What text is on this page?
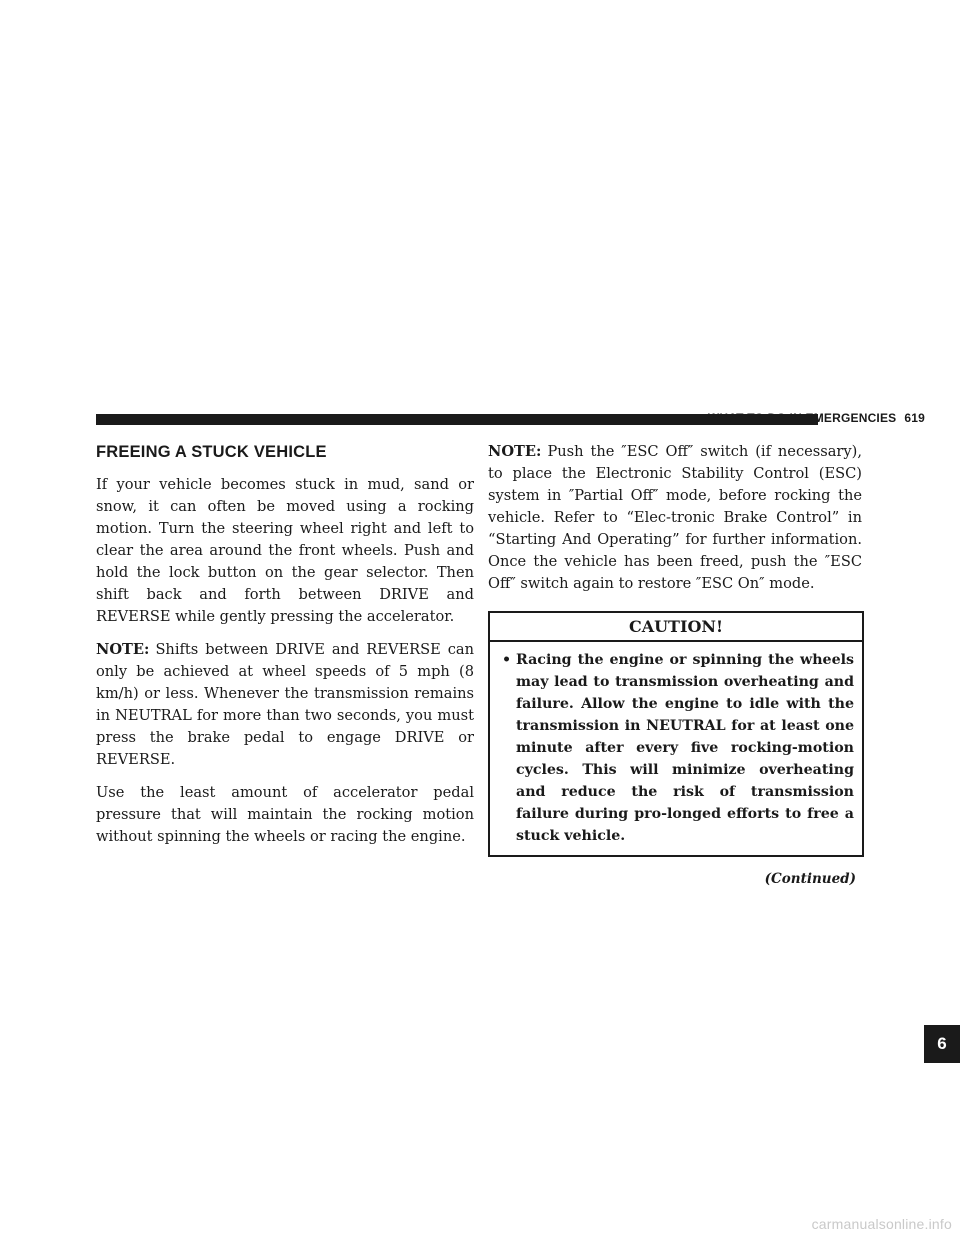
WHAT TO DO IN EMERGENCIES 619
FREEING A STUCK VEHICLE

If your vehicle becomes stuck in mud, sand or snow, it can often be moved using a rocking motion. Turn the steering wheel right and left to clear the area around the front wheels. Push and hold the lock button on the gear selector. Then shift back and forth between DRIVE and REVERSE while gently pressing the accelerator.

NOTE: Shifts between DRIVE and REVERSE can only be achieved at wheel speeds of 5 mph (8 km/h) or less. Whenever the transmission remains in NEUTRAL for more than two seconds, you must press the brake pedal to engage DRIVE or REVERSE.

Use the least amount of accelerator pedal pressure that will maintain the rocking motion without spinning the wheels or racing the engine.

NOTE: Push the ″ESC Off″ switch (if necessary), to place the Electronic Stability Control (ESC) system in ″Partial Off″ mode, before rocking the vehicle. Refer to “Elec-tronic Brake Control” in “Starting And Operating” for further information. Once the vehicle has been freed, push the ″ESC Off″ switch again to restore ″ESC On″ mode.

CAUTION!
• Racing the engine or spinning the wheels may lead to transmission overheating and failure. Allow the engine to idle with the transmission in NEUTRAL for at least one minute after every five rocking-motion cycles. This will minimize overheating and reduce the risk of transmission failure during pro-longed efforts to free a stuck vehicle.
(Continued)
6
carmanualsonline.info
